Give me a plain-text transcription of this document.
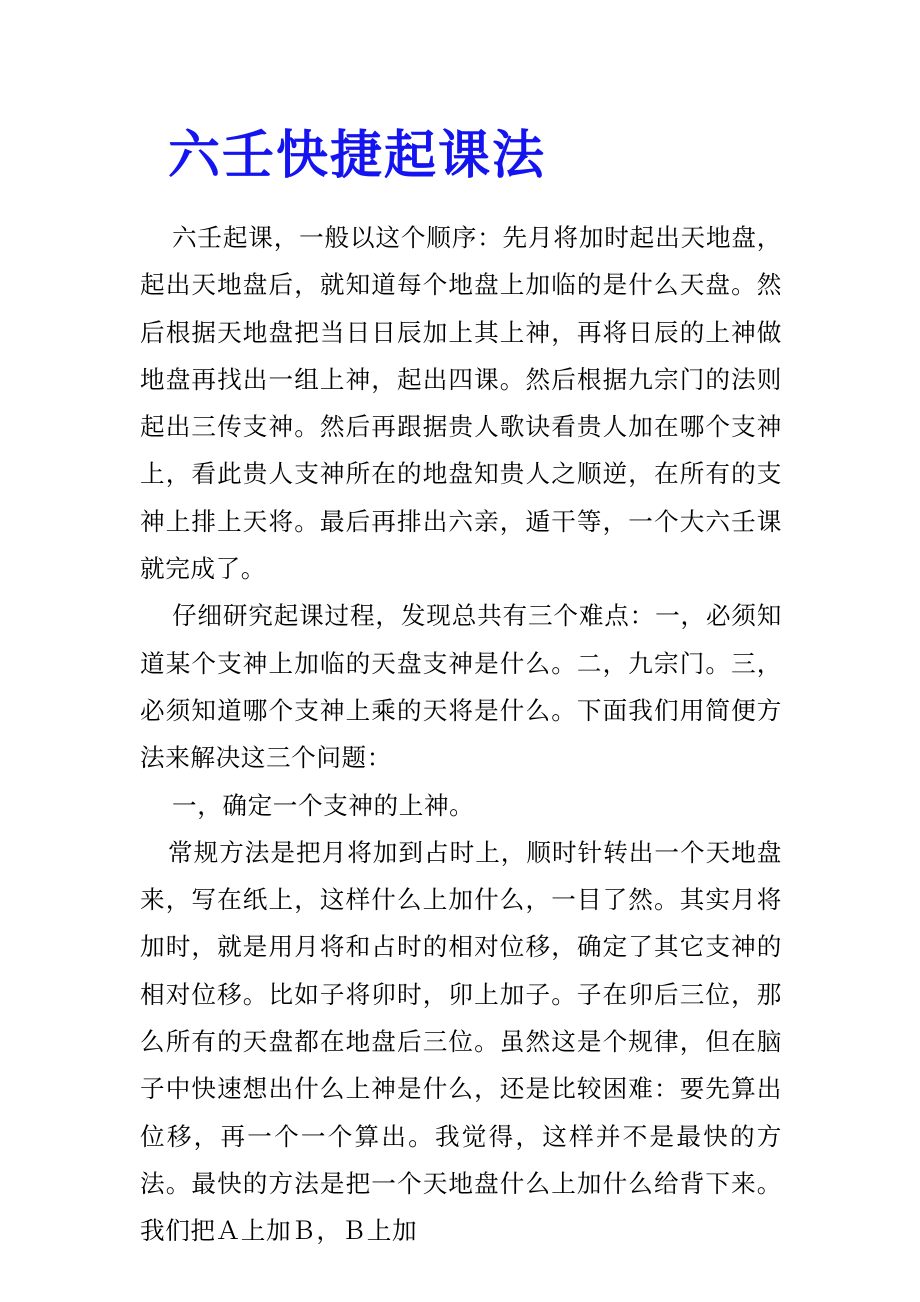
六壬快捷起课法

六壬起课，一般以这个顺序：先月将加时起出天地盘，起出天地盘后，就知道每个地盘上加临的是什么天盘。然后根据天地盘把当日日辰加上其上神，再将日辰的上神做地盘再找出一组上神，起出四课。然后根据九宗门的法则起出三传支神。然后再跟据贵人歌诀看贵人加在哪个支神上，看此贵人支神所在的地盘知贵人之顺逆，在所有的支神上排上天将。最后再排出六亲，遁干等，一个大六壬课就完成了。

仔细研究起课过程，发现总共有三个难点：一，必须知道某个支神上加临的天盘支神是什么。二，九宗门。三，必须知道哪个支神上乘的天将是什么。下面我们用简便方法来解决这三个问题：

一，确定一个支神的上神。

常规方法是把月将加到占时上，顺时针转出一个天地盘来，写在纸上，这样什么上加什么，一目了然。其实月将加时，就是用月将和占时的相对位移，确定了其它支神的相对位移。比如子将卯时，卯上加子。子在卯后三位，那么所有的天盘都在地盘后三位。虽然这是个规律，但在脑子中快速想出什么上神是什么，还是比较困难：要先算出位移，再一个一个算出。我觉得，这样并不是最快的方法。最快的方法是把一个天地盘什么上加什么给背下来。我们把Ａ上加Ｂ，Ｂ上加
